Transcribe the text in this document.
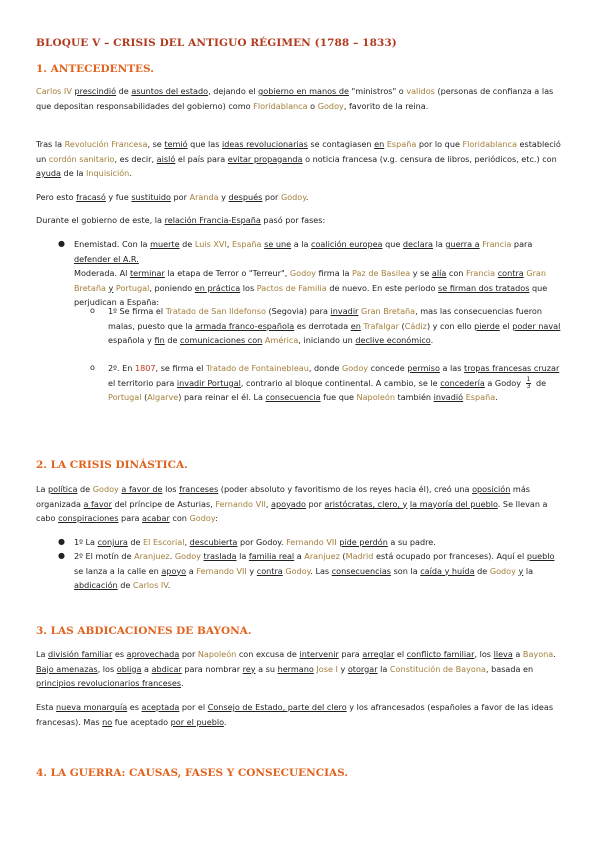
BLOQUE V – CRISIS DEL ANTIGUO RÉGIMEN (1788 – 1833)
1. ANTECEDENTES.

Carlos IV prescindió de asuntos del estado, dejando el gobierno en manos de "ministros" o validos (personas de confianza a las que depositan responsabilidades del gobierno) como Floridablanca o Godoy, favorito de la reina.

Tras la Revolución Francesa, se temió que las ideas revolucionarias se contagiasen en España por lo que Floridablanca estableció un cordón sanitario, es decir, aisló el país para evitar propaganda o noticia francesa (v.g. censura de libros, periódicos, etc.) con ayuda de la Inquisición.

Pero esto fracasó y fue sustituido por Aranda y después por Godoy.

Durante el gobierno de este, la relación Francia-España pasó por fases:

● Enemistad. Con la muerte de Luis XVI, España se une a la coalición europea que declara la guerra a Francia para defender el A.R.
Moderada. Al terminar la etapa de Terror o "Terreur", Godoy firma la Paz de Basilea y se alía con Francia contra Gran Bretaña y Portugal, poniendo en práctica los Pactos de Familia de nuevo. En este periodo se firman dos tratados que perjudican a España:

o 1º Se firma el Tratado de San Ildefonso (Segovia) para invadir Gran Bretaña, mas las consecuencias fueron malas, puesto que la armada franco-española es derrotada en Trafalgar (Cádiz) y con ello pierde el poder naval española y fin de comunicaciones con América, iniciando un declive económico.

o 2º. En 1807, se firma el Tratado de Fontainebleau, donde Godoy concede permiso a las tropas francesas cruzar el territorio para invadir Portugal, contrario al bloque continental. A cambio, se le concedería a Godoy $\frac{1}{3}$ de Portugal (Algarve) para reinar el él. La consecuencia fue que Napoleón también invadió España.

2. LA CRISIS DINÁSTICA.

La política de Godoy a favor de los franceses (poder absoluto y favoritismo de los reyes hacia él), creó una oposición más organizada a favor del príncipe de Asturias, Fernando VII, apoyado por aristócratas, clero, y la mayoría del pueblo. Se llevan a cabo conspiraciones para acabar con Godoy:

● 1º La conjura de El Escorial, descubierta por Godoy. Fernando VII pide perdón a su padre.

● 2º El motín de Aranjuez. Godoy traslada la familia real a Aranjuez (Madrid está ocupado por franceses). Aquí el pueblo se lanza a la calle en apoyo a Fernando VII y contra Godoy. Las consecuencias son la caída y huída de Godoy y la abdicación de Carlos IV.

3. LAS ABDICACIONES DE BAYONA.

La división familiar es aprovechada por Napoleón con excusa de intervenir para arreglar el conflicto familiar, los lleva a Bayona. Bajo amenazas, los obliga a abdicar para nombrar rey a su hermano Jose I y otorgar la Constitución de Bayona, basada en principios revolucionarios franceses.

Esta nueva monarquía es aceptada por el Consejo de Estado, parte del clero y los afrancesados (españoles a favor de las ideas francesas). Mas no fue aceptado por el pueblo.

4. LA GUERRA: CAUSAS, FASES Y CONSECUENCIAS.
